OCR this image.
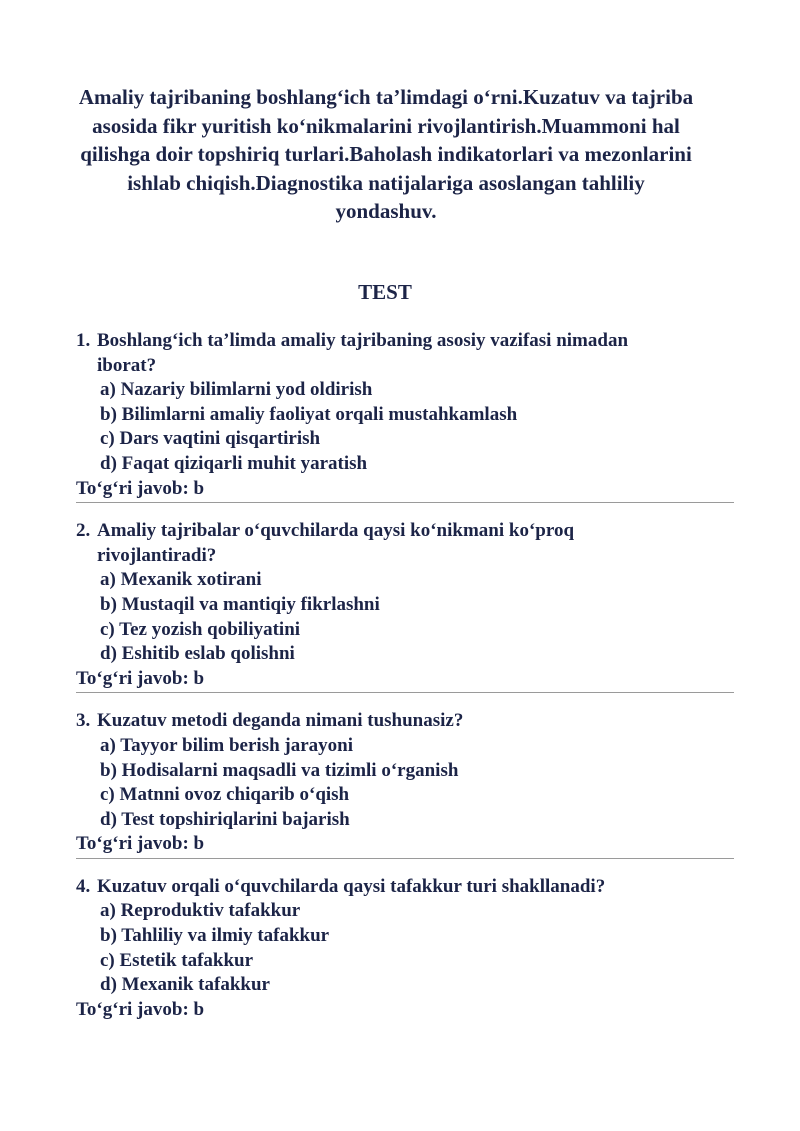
Amaliy tajribaning boshlang‘ich ta’limdagi o‘rni.Kuzatuv va tajriba asosida fikr yuritish ko‘nikmalarini rivojlantirish.Muammoni hal qilishga doir topshiriq turlari.Baholash indikatorlari va mezonlarini ishlab chiqish.Diagnostika natijalariga asoslangan tahliliy yondashuv.
TEST
1. Boshlang‘ich ta’limda amaliy tajribaning asosiy vazifasi nimadan iborat?
a) Nazariy bilimlarni yod oldirish
b) Bilimlarni amaliy faoliyat orqali mustahkamlash
c) Dars vaqtini qisqartirish
d) Faqat qiziqarli muhit yaratish
To‘g‘ri javob: b
2. Amaliy tajribalar o‘quvchilarda qaysi ko‘nikmani ko‘proq rivojlantiradi?
a) Mexanik xotirani
b) Mustaqil va mantiqiy fikrlashni
c) Tez yozish qobiliyatini
d) Eshitib eslab qolishni
To‘g‘ri javob: b
3. Kuzatuv metodi deganda nimani tushunasiz?
a) Tayyor bilim berish jarayoni
b) Hodisalarni maqsadli va tizimli o‘rganish
c) Matnni ovoz chiqarib o‘qish
d) Test topshiriqlarini bajarish
To‘g‘ri javob: b
4. Kuzatuv orqali o‘quvchilarda qaysi tafakkur turi shakllanadi?
a) Reproduktiv tafakkur
b) Tahliliy va ilmiy tafakkur
c) Estetik tafakkur
d) Mexanik tafakkur
To‘g‘ri javob: b
